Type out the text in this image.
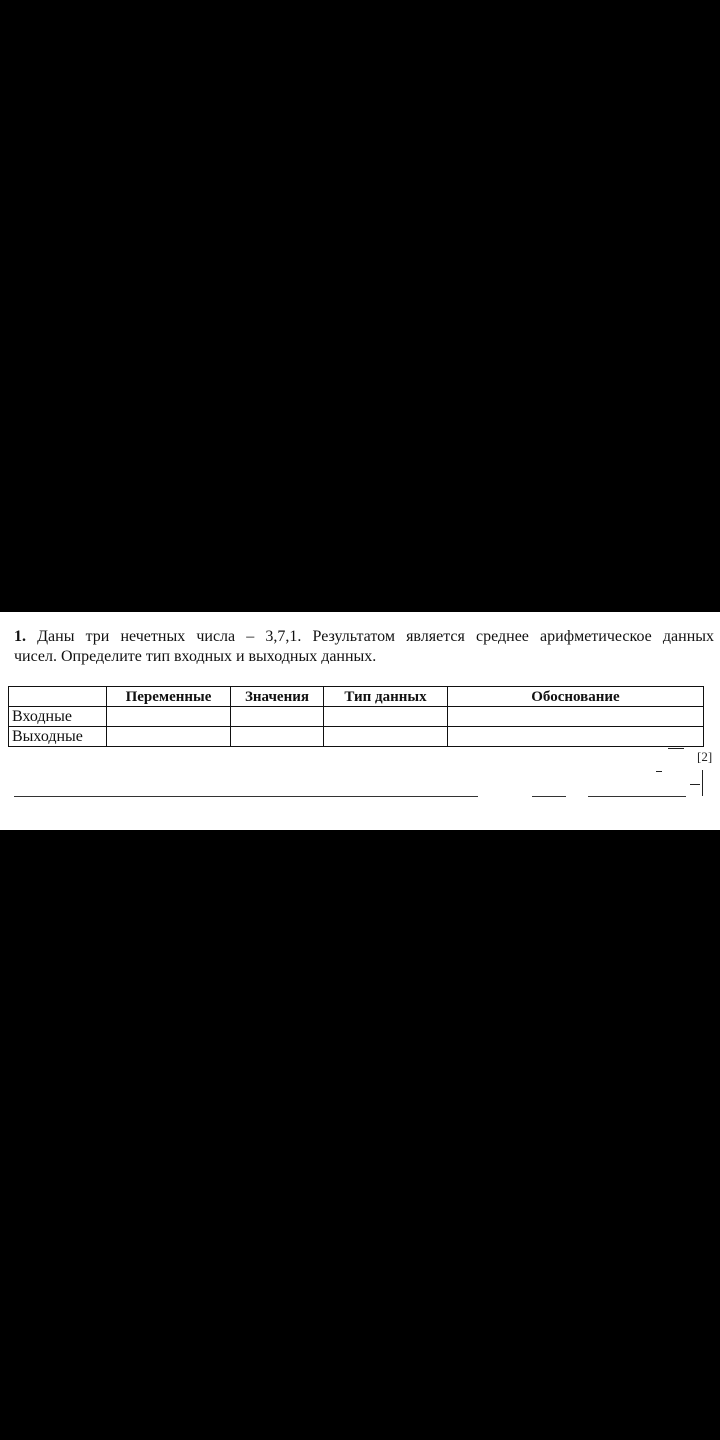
1. Даны три нечетных числа – 3,7,1. Результатом является среднее арифметическое данных
чисел. Определите тип входных и выходных данных.
	Переменные	Значения	Тип данных	Обоснование
Входные				
Выходные				
[2]
